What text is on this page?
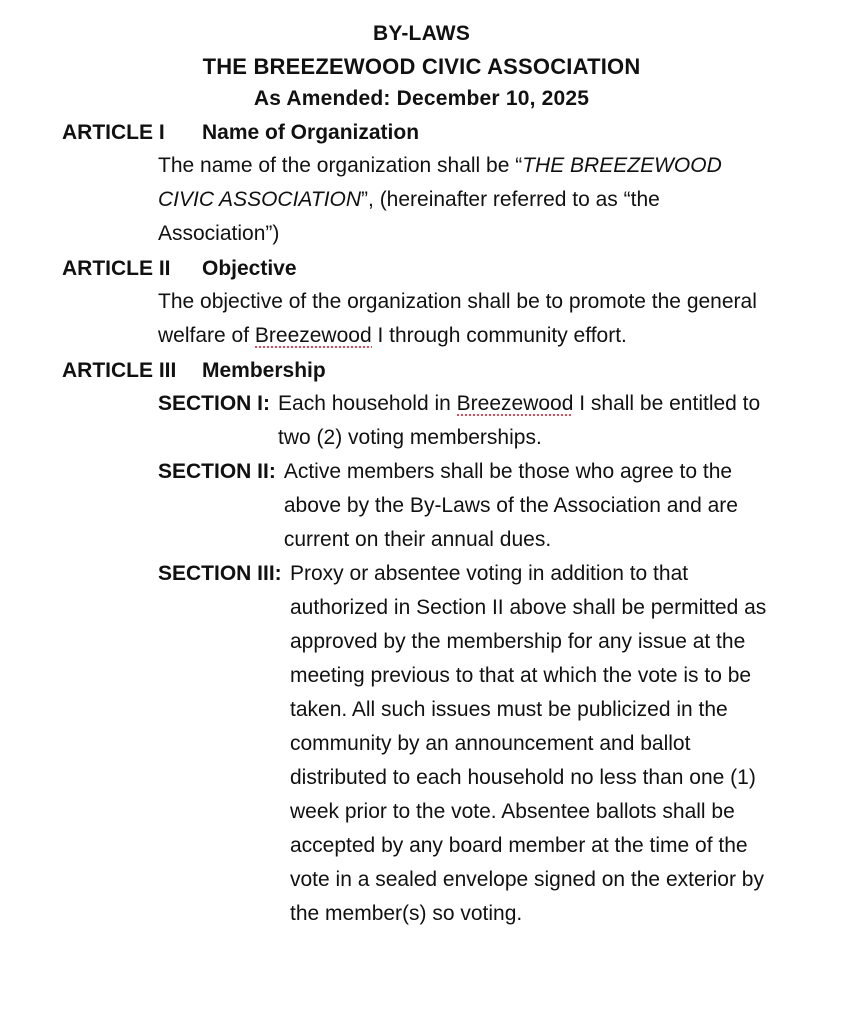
BY-LAWS
THE BREEZEWOOD CIVIC ASSOCIATION
As Amended: December 10, 2025
ARTICLE I	Name of Organization
The name of the organization shall be “THE BREEZEWOOD CIVIC ASSOCIATION”, (hereinafter referred to as “the Association”)
ARTICLE II	Objective
The objective of the organization shall be to promote the general welfare of Breezewood I through community effort.
ARTICLE III	Membership
SECTION I: Each household in Breezewood I shall be entitled to two (2) voting memberships.
SECTION II: Active members shall be those who agree to the above by the By-Laws of the Association and are current on their annual dues.
SECTION III: Proxy or absentee voting in addition to that authorized in Section II above shall be permitted as approved by the membership for any issue at the meeting previous to that at which the vote is to be taken. All such issues must be publicized in the community by an announcement and ballot distributed to each household no less than one (1) week prior to the vote. Absentee ballots shall be accepted by any board member at the time of the vote in a sealed envelope signed on the exterior by the member(s) so voting.
